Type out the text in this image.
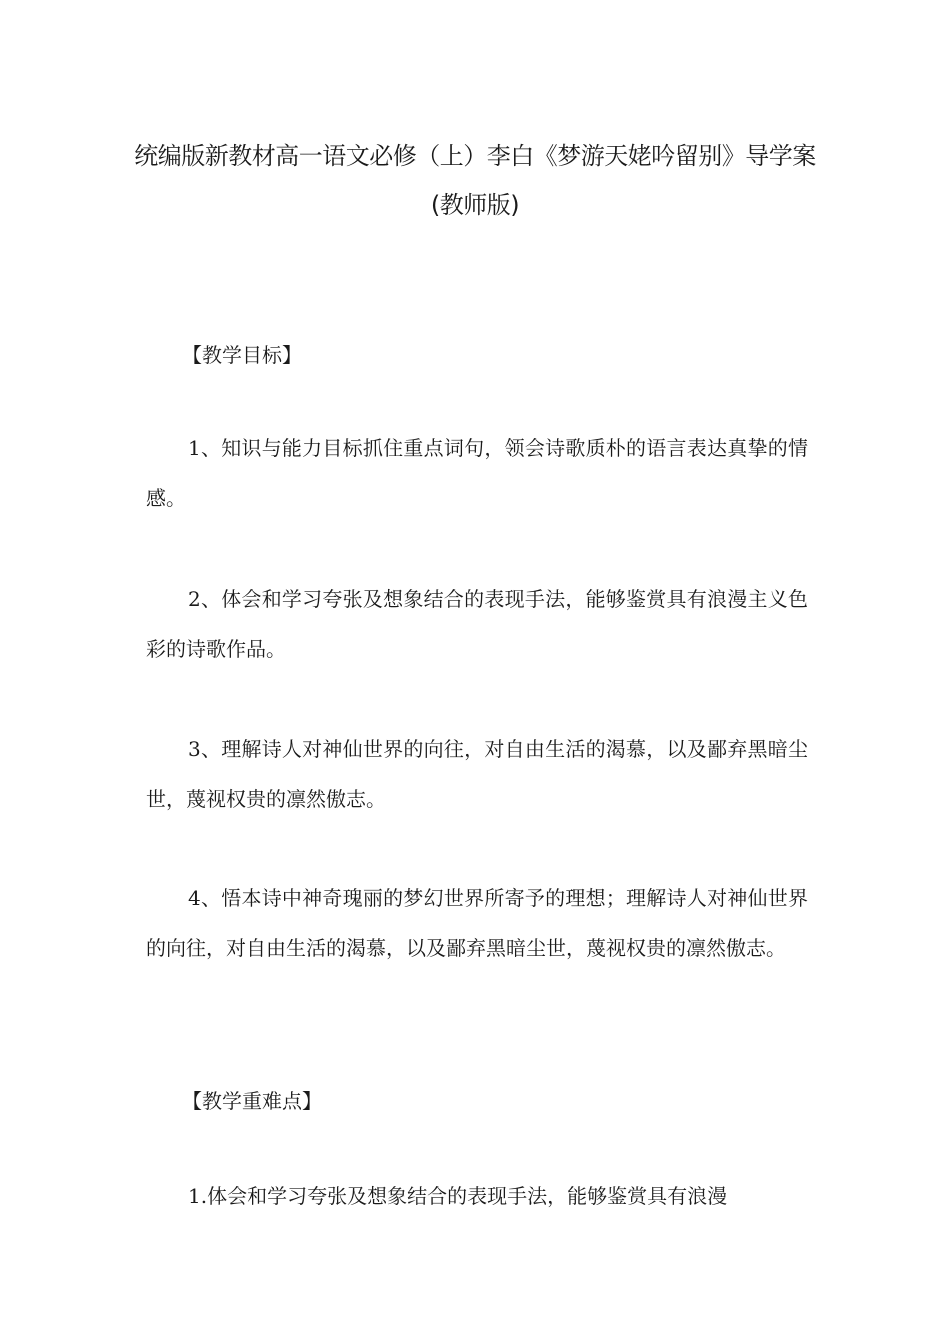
统编版新教材高一语文必修（上）李白《梦游天姥吟留别》导学案
(教师版)
【教学目标】

1、知识与能力目标抓住重点词句，领会诗歌质朴的语言表达真挚的情感。

2、体会和学习夸张及想象结合的表现手法，能够鉴赏具有浪漫主义色彩的诗歌作品。

3、理解诗人对神仙世界的向往，对自由生活的渴慕，以及鄙弃黑暗尘世，蔑视权贵的凛然傲志。

4、悟本诗中神奇瑰丽的梦幻世界所寄予的理想；理解诗人对神仙世界的向往，对自由生活的渴慕，以及鄙弃黑暗尘世，蔑视权贵的凛然傲志。

【教学重难点】

1.体会和学习夸张及想象结合的表现手法，能够鉴赏具有浪漫
